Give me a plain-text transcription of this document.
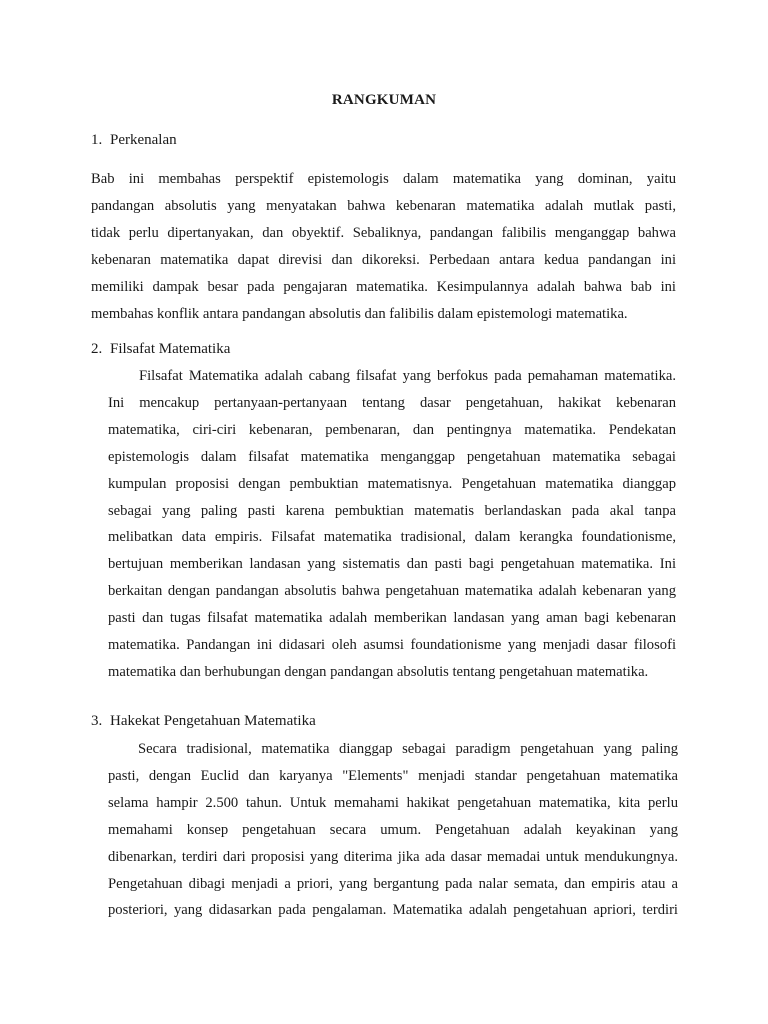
RANGKUMAN
1. Perkenalan
Bab ini membahas perspektif epistemologis dalam matematika yang dominan, yaitu
pandangan absolutis yang menyatakan bahwa kebenaran matematika adalah mutlak pasti,
tidak perlu dipertanyakan, dan obyektif. Sebaliknya, pandangan falibilis menganggap bahwa
kebenaran matematika dapat direvisi dan dikoreksi. Perbedaan antara kedua pandangan ini
memiliki dampak besar pada pengajaran matematika. Kesimpulannya adalah bahwa bab ini
membahas konflik antara pandangan absolutis dan falibilis dalam epistemologi matematika.
2. Filsafat Matematika
Filsafat Matematika adalah cabang filsafat yang berfokus pada pemahaman matematika.
Ini mencakup pertanyaan-pertanyaan tentang dasar pengetahuan, hakikat kebenaran
matematika, ciri-ciri kebenaran, pembenaran, dan pentingnya matematika. Pendekatan
epistemologis dalam filsafat matematika menganggap pengetahuan matematika sebagai
kumpulan proposisi dengan pembuktian matematisnya. Pengetahuan matematika dianggap
sebagai yang paling pasti karena pembuktian matematis berlandaskan pada akal tanpa
melibatkan data empiris. Filsafat matematika tradisional, dalam kerangka foundationisme,
bertujuan memberikan landasan yang sistematis dan pasti bagi pengetahuan matematika. Ini
berkaitan dengan pandangan absolutis bahwa pengetahuan matematika adalah kebenaran yang
pasti dan tugas filsafat matematika adalah memberikan landasan yang aman bagi kebenaran
matematika. Pandangan ini didasari oleh asumsi foundationisme yang menjadi dasar filosofi
matematika dan berhubungan dengan pandangan absolutis tentang pengetahuan matematika.
3. Hakekat Pengetahuan Matematika
Secara tradisional, matematika dianggap sebagai paradigm pengetahuan yang paling
pasti, dengan Euclid dan karyanya "Elements" menjadi standar pengetahuan matematika
selama hampir 2.500 tahun. Untuk memahami hakikat pengetahuan matematika, kita perlu
memahami konsep pengetahuan secara umum. Pengetahuan adalah keyakinan yang
dibenarkan, terdiri dari proposisi yang diterima jika ada dasar memadai untuk mendukungnya.
Pengetahuan dibagi menjadi a priori, yang bergantung pada nalar semata, dan empiris atau a
posteriori, yang didasarkan pada pengalaman. Matematika adalah pengetahuan apriori, terdiri
